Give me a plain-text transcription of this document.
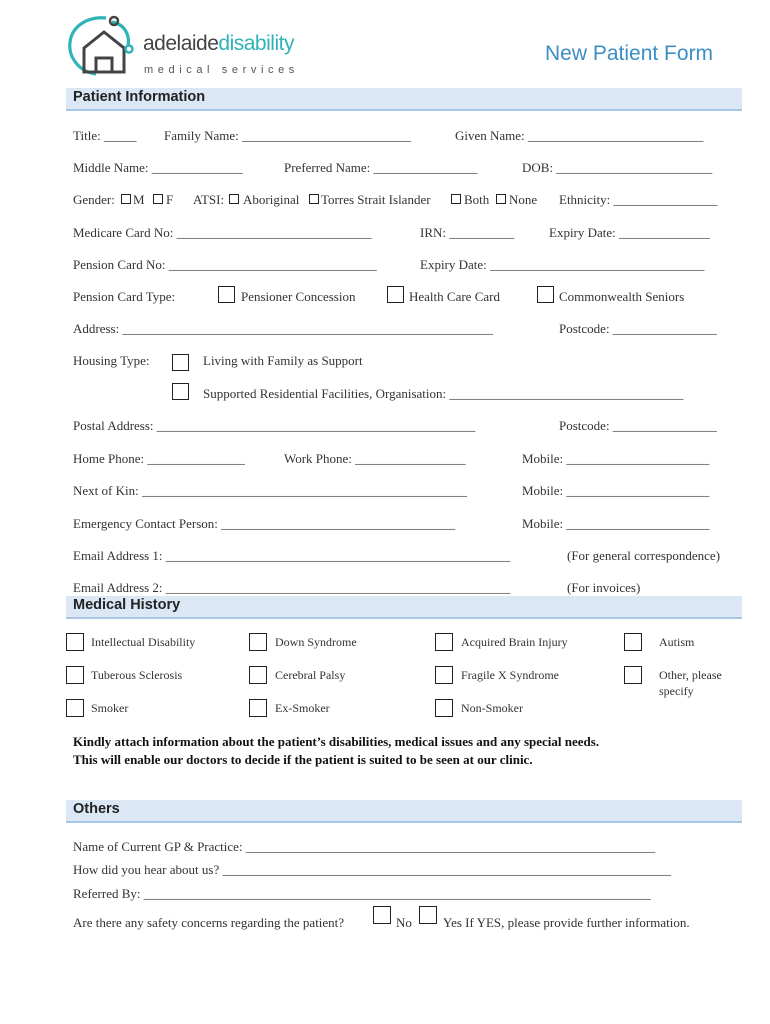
adelaidedisability
medical services
New Patient Form
Patient Information
Title: _____ Family Name: __________________________	Given Name: ___________________________
Middle Name: ______________	Preferred Name: ________________	DOB: ________________________
Gender: M F ATSI: Aboriginal Torres Strait Islander	Both None Ethnicity: ________________
Medicare Card No: ______________________________	IRN: __________	Expiry Date: ______________
Pension Card No: ________________________________	Expiry Date: _________________________________
Pension Card Type:	Pensioner Concession	Health Care Card	Commonwealth Seniors
Address: _________________________________________________________	Postcode: ________________
Housing Type:	Living with Family as Support
Supported Residential Facilities, Organisation: ____________________________________
Postal Address: _________________________________________________	Postcode: ________________
Home Phone: _______________	Work Phone: _________________	Mobile: ______________________
Next of Kin: __________________________________________________	Mobile: ______________________
Emergency Contact Person: ____________________________________	Mobile: ______________________
Email Address 1: _____________________________________________________	(For general correspondence)
Email Address 2: _____________________________________________________	(For invoices)
Medical History
Intellectual Disability	Down Syndrome	Acquired Brain Injury	Autism
Tuberous Sclerosis	Cerebral Palsy	Fragile X Syndrome	Other, please
specify
Smoker	Ex-Smoker	Non-Smoker
Kindly attach information about the patient’s disabilities, medical issues and any special needs.
This will enable our doctors to decide if the patient is suited to be seen at our clinic.
Others
Name of Current GP & Practice: _______________________________________________________________
How did you hear about us? _____________________________________________________________________
Referred By: ______________________________________________________________________________
Are there any safety concerns regarding the patient?	No Yes If YES, please provide further information.
